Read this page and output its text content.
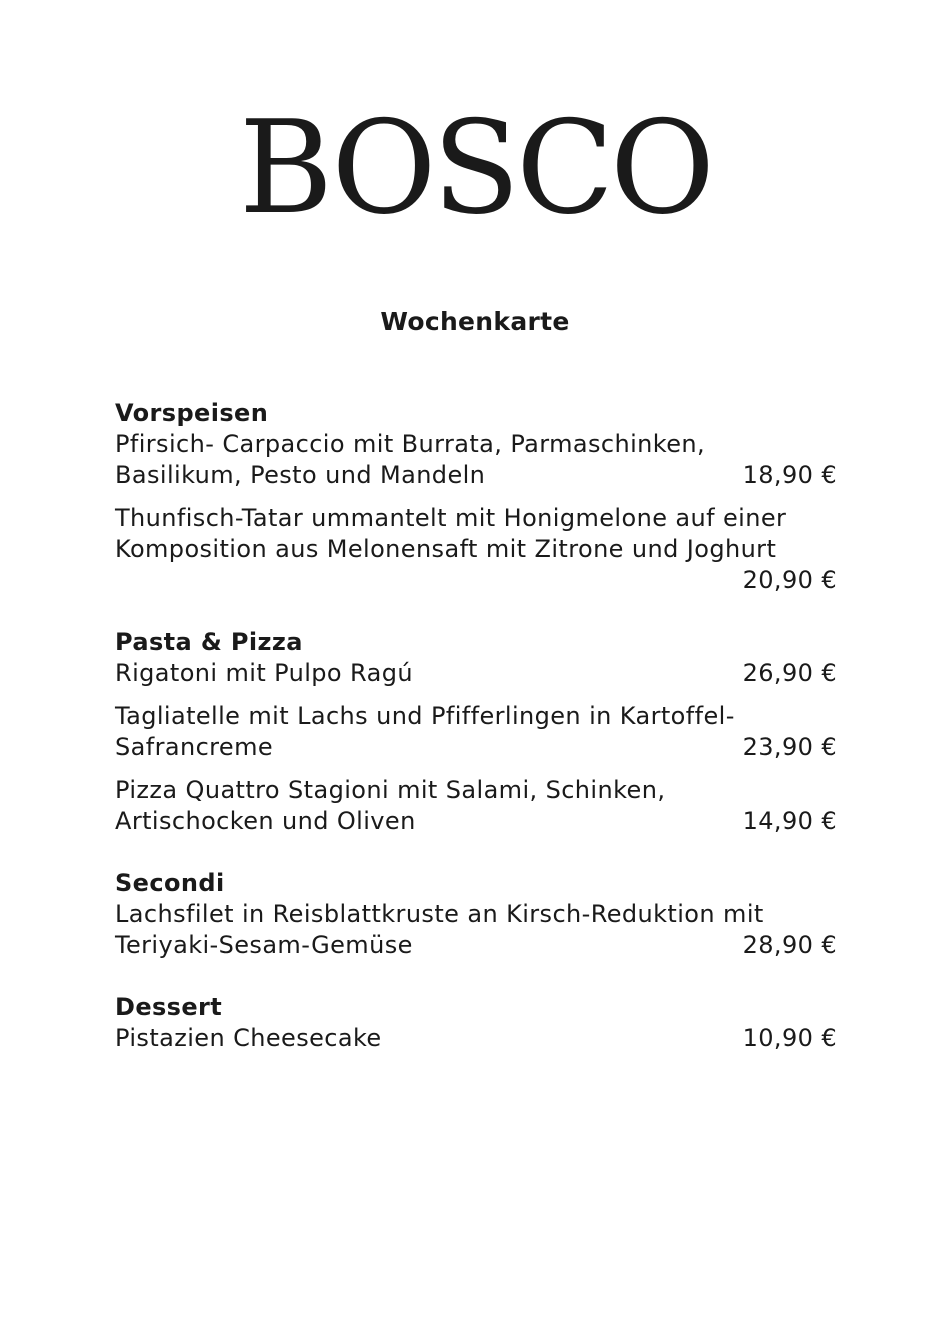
BOSCO
Wochenkarte
Vorspeisen
Pfirsich- Carpaccio mit Burrata, Parmaschinken,
Basilikum, Pesto und Mandeln	18,90 €
Thunfisch-Tatar ummantelt mit Honigmelone auf einer
Komposition aus Melonensaft mit Zitrone und Joghurt
20,90 €
Pasta & Pizza
Rigatoni mit Pulpo Ragú	26,90 €
Tagliatelle mit Lachs und Pfifferlingen in Kartoffel-
Safrancreme	23,90 €
Pizza Quattro Stagioni mit Salami, Schinken,
Artischocken und Oliven	14,90 €
Secondi
Lachsfilet in Reisblattkruste an Kirsch-Reduktion mit
Teriyaki-Sesam-Gemüse	28,90 €
Dessert
Pistazien Cheesecake	10,90 €
